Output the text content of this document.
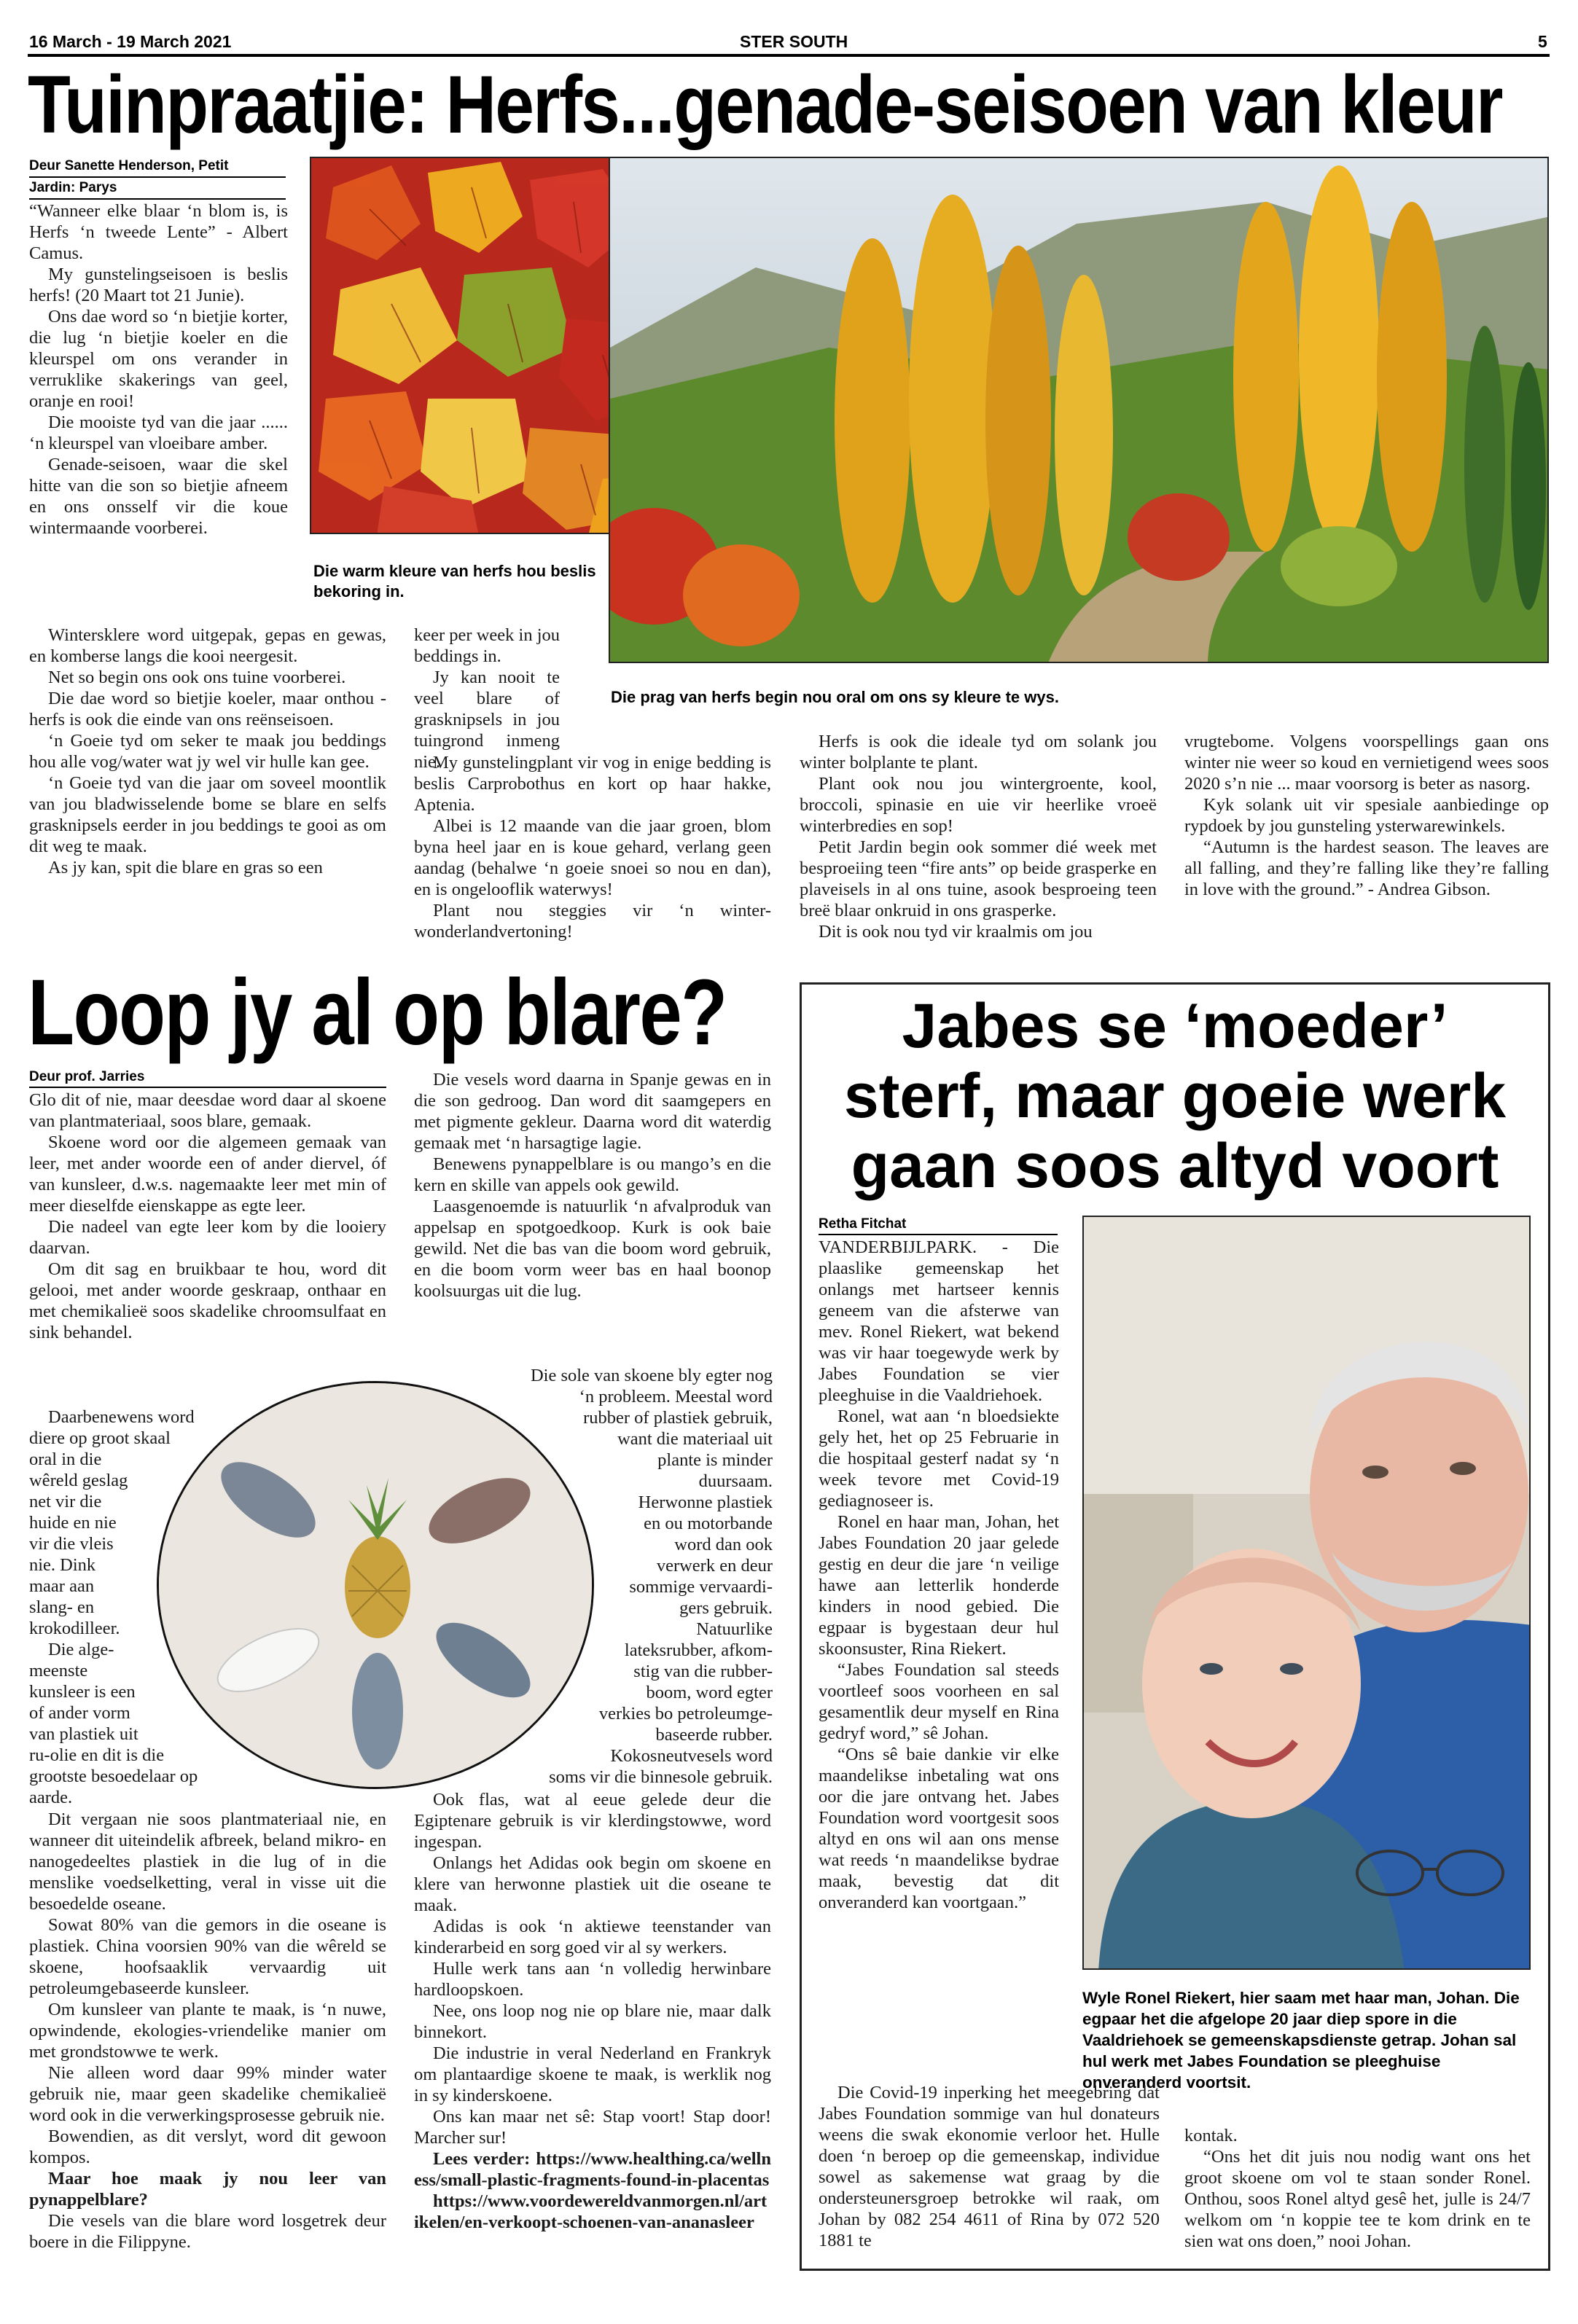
16 March - 19 March 2021	STER SOUTH	5
Tuinpraatjie: Herfs...genade-seisoen van kleur
Deur Sanette Henderson, Petit
Jardin: Parys
Die warm kleure van herfs hou beslis bekoring in.
Die prag van herfs begin nou oral om ons sy kleure te wys.

“Wanneer elke blaar ‘n blom is, is Herfs ‘n tweede Lente” - Albert Camus.

My gunstelingseisoen is beslis herfs! (20 Maart tot 21 Junie).

Ons dae word so ‘n bietjie korter, die lug ‘n bietjie koeler en die kleurspel om ons verander in verruklike skakerings van geel, oranje en rooi!

Die mooiste tyd van die jaar ...... ‘n kleurspel van vloeibare amber.

Genade-seisoen, waar die skel hitte van die son so bietjie afneem en ons onsself vir die koue wintermaande voorberei.

Wintersklere word uitgepak, gepas en gewas, en komberse langs die kooi neergesit.

Net so begin ons ook ons tuine voorberei.

Die dae word so bietjie koeler, maar onthou - herfs is ook die einde van ons reënseisoen.

‘n Goeie tyd om seker te maak jou beddings hou alle vog/water wat jy wel vir hulle kan gee.

‘n Goeie tyd van die jaar om soveel moontlik van jou bladwisselende bome se blare en selfs grasknipsels eerder in jou beddings te gooi as om dit weg te maak.

As jy kan, spit die blare en gras so een

keer per week in jou beddings in.

Jy kan nooit te veel blare of grasknipsels in jou tuingrond inmeng nie.

My gunstelingplant vir vog in enige bedding is beslis Carprobothus en kort op haar hakke, Aptenia.

Albei is 12 maande van die jaar groen, blom byna heel jaar en is koue gehard, verlang geen aandag (behalwe ‘n goeie snoei so nou en dan), en is ongelooflik waterwys!

Plant nou steggies vir ‘n winter-wonderlandvertoning!

Herfs is ook die ideale tyd om solank jou winter bolplante te plant.

Plant ook nou jou wintergroente, kool, broccoli, spinasie en uie vir heerlike vroeë winterbredies en sop!

Petit Jardin begin ook sommer dié week met besproeiing teen “fire ants” op beide grasperke en plaveisels in al ons tuine, asook besproeing teen breë blaar onkruid in ons grasperke.

Dit is ook nou tyd vir kraalmis om jou

vrugtebome. Volgens voorspellings gaan ons winter nie weer so koud en vernietigend wees soos 2020 s’n nie ... maar voorsorg is beter as nasorg.

Kyk solank uit vir spesiale aanbiedinge op rypdoek by jou gunsteling ysterwarewinkels.

“Autumn is the hardest season. The leaves are all falling, and they’re falling like they’re falling in love with the ground.” - Andrea Gibson.

Loop jy al op blare?
Deur prof. Jarries

Glo dit of nie, maar deesdae word daar al skoene van plantmateriaal, soos blare, gemaak.

Skoene word oor die algemeen gemaak van leer, met ander woorde een of ander diervel, óf van kunsleer, d.w.s. nagemaakte leer met min of meer dieselfde eienskappe as egte leer.

Die nadeel van egte leer kom by die looiery daarvan.

Om dit sag en bruikbaar te hou, word dit gelooi, met ander woorde geskraap, onthaar en met chemikalieë soos skadelike chroomsulfaat en sink behandel.

Daarbenewens word
diere op groot skaal
oral in die
wêreld geslag
net vir die
huide en nie
vir die vleis
nie. Dink
maar aan
slang- en
krokodilleer.
Die alge-
meenste
kunsleer is een
of ander vorm
van plastiek uit
ru-olie en dit is die
grootste besoedelaar op
aarde.

Dit vergaan nie soos plantmateriaal nie, en wanneer dit uiteindelik afbreek, beland mikro- en nanogedeeltes plastiek in die lug of in die menslike voedselketting, veral in visse uit die besoedelde oseane.

Sowat 80% van die gemors in die oseane is plastiek. China voorsien 90% van die wêreld se skoene, hoofsaaklik vervaardig uit petroleumgebaseerde kunsleer.

Om kunsleer van plante te maak, is ‘n nuwe, opwindende, ekologies-vriendelike manier om met grondstowwe te werk.

Nie alleen word daar 99% minder water gebruik nie, maar geen skadelike chemikalieë word ook in die verwerkingsprosesse gebruik nie.

Bowendien, as dit verslyt, word dit gewoon kompos.

Maar hoe maak jy nou leer van pynappelblare?

Die vesels van die blare word losgetrek deur boere in die Filippyne.

Die vesels word daarna in Spanje gewas en in die son gedroog. Dan word dit saamgepers en met pigmente gekleur. Daarna word dit waterdig gemaak met ‘n harsagtige lagie.

Benewens pynappelblare is ou mango’s en die kern en skille van appels ook gewild.

Laasgenoemde is natuurlik ‘n afvalproduk van appelsap en spotgoedkoop. Kurk is ook baie gewild. Net die bas van die boom word gebruik, en die boom vorm weer bas en haal boonop koolsuurgas uit die lug.

Die sole van skoene bly egter nog
‘n probleem. Meestal word
rubber of plastiek gebruik,
want die materiaal uit
plante is minder
duursaam.
Herwonne plastiek
en ou motorbande
word dan ook
verwerk en deur
sommige vervaardi-
gers gebruik.
Natuurlike
lateksrubber, afkom-
stig van die rubber-
boom, word egter
verkies bo petroleumge-
baseerde rubber.
Kokosneutvesels word
soms vir die binnesole gebruik.

Ook flas, wat al eeue gelede deur die Egiptenare gebruik is vir klerdingstowwe, word ingespan.

Onlangs het Adidas ook begin om skoene en klere van herwonne plastiek uit die oseane te maak.

Adidas is ook ‘n aktiewe teenstander van kinderarbeid en sorg goed vir al sy werkers.

Hulle werk tans aan ‘n volledig herwinbare hardloopskoen.

Nee, ons loop nog nie op blare nie, maar dalk binnekort.

Die industrie in veral Nederland en Frankryk om plantaardige skoene te maak, is werklik nog in sy kinderskoene.

Ons kan maar net sê: Stap voort! Stap door! Marcher sur!

Lees verder: https://www.healthing.ca/wellness/small-plastic-fragments-found-in-placentas

https://www.voordewereldvanmorgen.nl/artikelen/en-verkoopt-schoenen-van-ananasleer

Jabes se ‘moeder’
sterf, maar goeie werk
gaan soos altyd voort
Retha Fitchat
Wyle Ronel Riekert, hier saam met haar man, Johan. Die egpaar het die afgelope 20 jaar diep spore in die Vaaldriehoek se gemeenskapsdienste getrap. Johan sal hul werk met Jabes Foundation se pleeghuise onveranderd voortsit.

VANDERBIJLPARK. - Die plaaslike gemeenskap het onlangs met hartseer kennis geneem van die afsterwe van mev. Ronel Riekert, wat bekend was vir haar toegewyde werk by Jabes Foundation se vier pleeghuise in die Vaaldriehoek.

Ronel, wat aan ‘n bloedsiekte gely het, het op 25 Februarie in die hospitaal gesterf nadat sy ‘n week tevore met Covid-19 gediagnoseer is.

Ronel en haar man, Johan, het Jabes Foundation 20 jaar gelede gestig en deur die jare ‘n veilige hawe aan letterlik honderde kinders in nood gebied. Die egpaar is bygestaan deur hul skoonsuster, Rina Riekert.

“Jabes Foundation sal steeds voortleef soos voorheen en sal gesamentlik deur myself en Rina gedryf word,” sê Johan.

“Ons sê baie dankie vir elke maandelikse inbetaling wat ons oor die jare ontvang het. Jabes Foundation word voortgesit soos altyd en ons wil aan ons mense wat reeds ‘n maandelikse bydrae maak, bevestig dat dit onveranderd kan voortgaan.”

Die Covid-19 inperking het meegebring dat Jabes Foundation sommige van hul donateurs weens die swak ekonomie verloor het. Hulle doen ‘n beroep op die gemeenskap, individue sowel as sakemense wat graag by die ondersteunersgroep betrokke wil raak, om Johan by 082 254 4611 of Rina by 072 520 1881 te

kontak.

“Ons het dit juis nou nodig want ons het groot skoene om vol te staan sonder Ronel. Onthou, soos Ronel altyd gesê het, julle is 24/7 welkom om ‘n koppie tee te kom drink en te sien wat ons doen,” nooi Johan.
